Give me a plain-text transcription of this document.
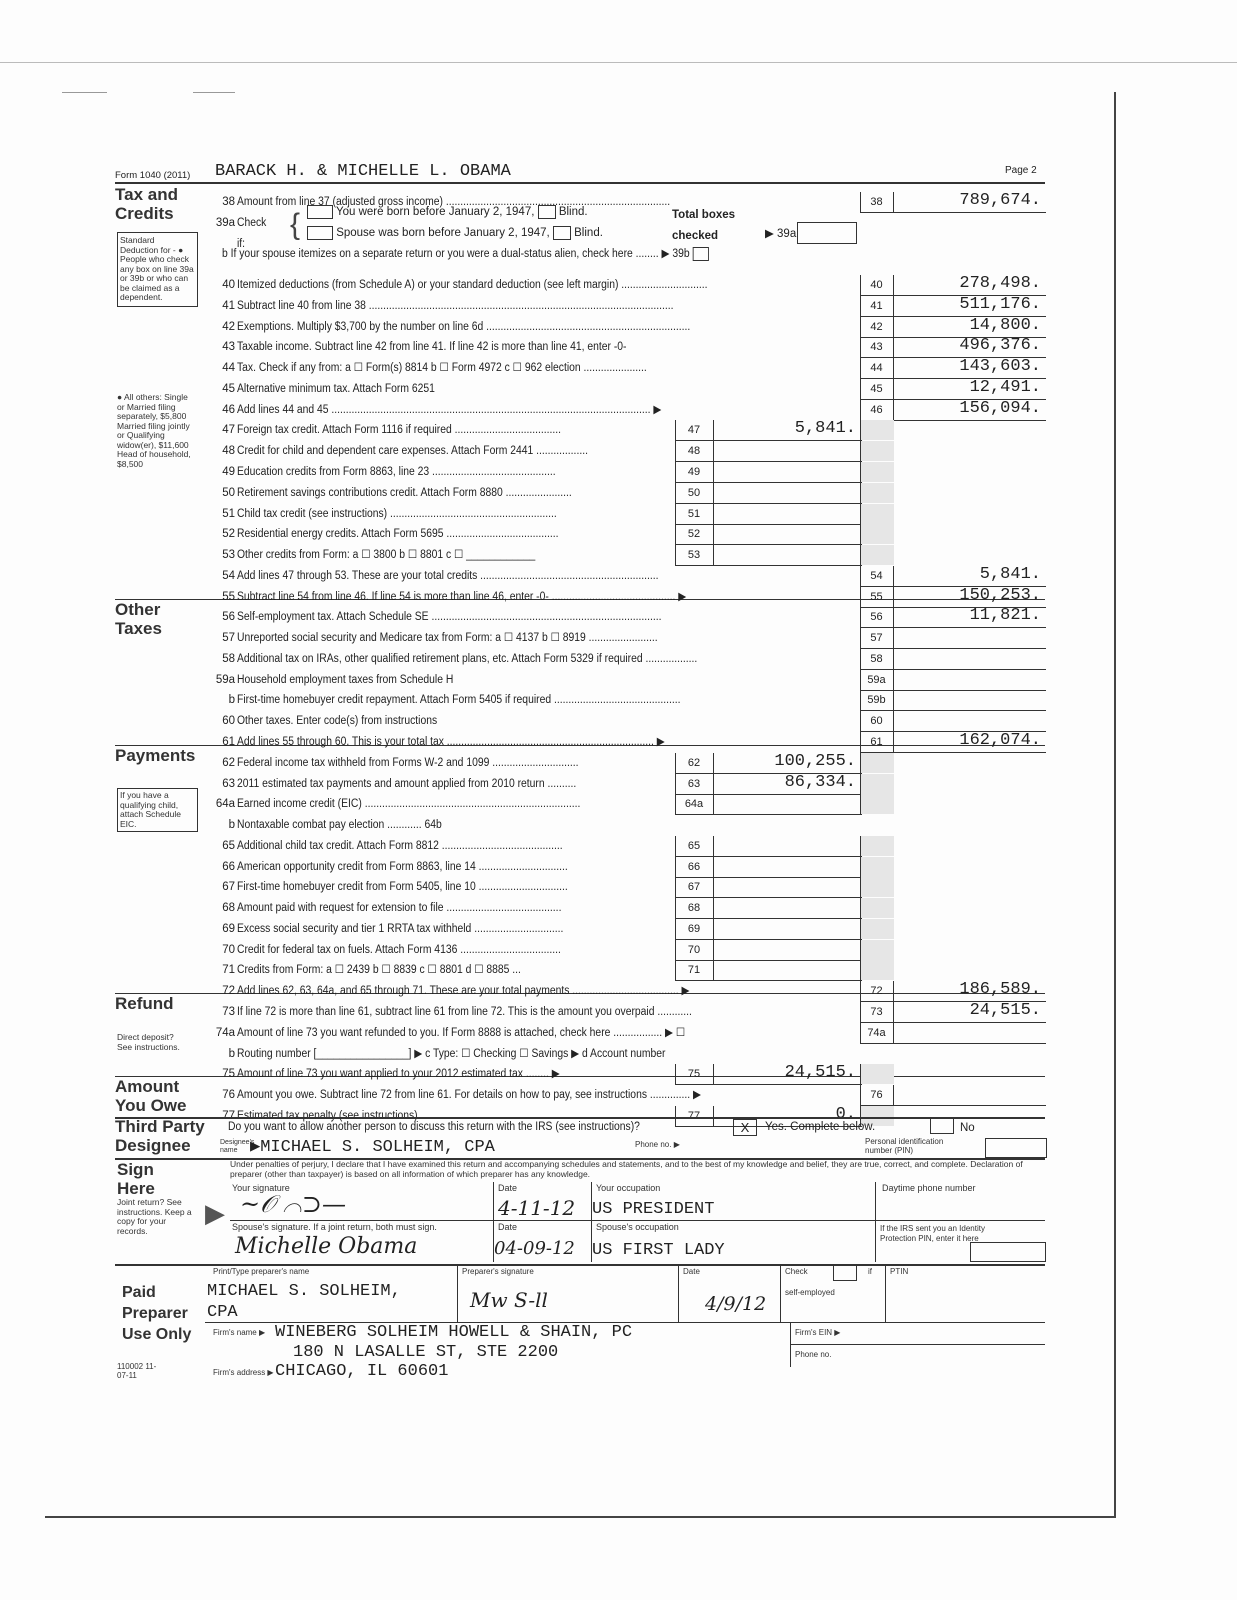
Form 1040 (2011) BARACK H. & MICHELLE L. OBAMA	Page 2
Tax and
Credits
Standard Deduction for - ● People who check any box on line 39a or 39b or who can be claimed as a dependent.
● All others: Single or Married filing separately, $5,800 Married filing jointly or Qualifying widow(er), $11,600 Head of household, $8,500
Other
Taxes
Payments
If you have a qualifying child, attach Schedule EIC.
Refund
Direct deposit? See instructions.
Amount
You Owe
{	You were born before January 2, 1947, Blind.
Spouse was born before January 2, 1947, Blind.
Total boxes checked	▶ 39a
b If your spouse itemizes on a separate return or you were a dual-status alien, check here ........ ▶ 39b
38 Amount from line 37 (adjusted gross income) ..............................................................................	38	789,674.
39a Check
if:
40 Itemized deductions (from Schedule A) or your standard deduction (see left margin) ..............................	40	278,498.
41 Subtract line 40 from line 38 ..........................................................................................................	41	511,176.
42 Exemptions. Multiply $3,700 by the number on line 6d .......................................................................	42	14,800.
43 Taxable income. Subtract line 42 from line 41. If line 42 is more than line 41, enter -0-	43	496,376.
44 Tax. Check if any from: a ☐ Form(s) 8814 b ☐ Form 4972 c ☐ 962 election ......................	44	143,603.
45 Alternative minimum tax. Attach Form 6251	45	12,491.
46 Add lines 44 and 45 ............................................................................................................... ▶	46	156,094.
47 Foreign tax credit. Attach Form 1116 if required .....................................	47	5,841.
48 Credit for child and dependent care expenses. Attach Form 2441 ..................	48
49 Education credits from Form 8863, line 23 ...........................................	49
50 Retirement savings contributions credit. Attach Form 8880 .......................	50
51 Child tax credit (see instructions) ..........................................................	51
52 Residential energy credits. Attach Form 5695 .......................................	52
53 Other credits from Form: a ☐ 3800 b ☐ 8801 c ☐ ____________	53
54 Add lines 47 through 53. These are your total credits ..............................................................	54	5,841.
55 Subtract line 54 from line 46. If line 54 is more than line 46, enter -0- ........................................... ▶	55	150,253.
56 Self-employment tax. Attach Schedule SE ................................................................................	56	11,821.
57 Unreported social security and Medicare tax from Form: a ☐ 4137 b ☐ 8919 ........................	57
58 Additional tax on IRAs, other qualified retirement plans, etc. Attach Form 5329 if required ..................	58
59a Household employment taxes from Schedule H	59a
b First-time homebuyer credit repayment. Attach Form 5405 if required ............................................	59b
60 Other taxes. Enter code(s) from instructions	60
61 Add lines 55 through 60. This is your total tax ........................................................................ ▶	61	162,074.
62 Federal income tax withheld from Forms W-2 and 1099 ..............................	62	100,255.
63 2011 estimated tax payments and amount applied from 2010 return ..........	63	86,334.
64a Earned income credit (EIC) ...........................................................................	64a
b Nontaxable combat pay election ............ 64b
65 Additional child tax credit. Attach Form 8812 ..........................................	65
66 American opportunity credit from Form 8863, line 14 ...............................	66
67 First-time homebuyer credit from Form 5405, line 10 ...............................	67
68 Amount paid with request for extension to file ........................................	68
69 Excess social security and tier 1 RRTA tax withheld ...............................	69
70 Credit for federal tax on fuels. Attach Form 4136 ...................................	70
71 Credits from Form: a ☐ 2439 b ☐ 8839 c ☐ 8801 d ☐ 8885 ...	71
72 Add lines 62, 63, 64a, and 65 through 71. These are your total payments ..................................... ▶	72	186,589.
73 If line 72 is more than line 61, subtract line 61 from line 72. This is the amount you overpaid ............	73	24,515.
74a Amount of line 73 you want refunded to you. If Form 8888 is attached, check here ................. ▶ ☐	74a
b Routing number [________________] ▶ c Type: ☐ Checking ☐ Savings ▶ d Account number
75 Amount of line 73 you want applied to your 2012 estimated tax ........ ▶	75	24,515.
76 Amount you owe. Subtract line 72 from line 61. For details on how to pay, see instructions .............. ▶	76
77 Estimated tax penalty (see instructions) .....................................................	77	0.
Third Party
Designee
Do you want to allow another person to discuss this return with the IRS (see instructions)?	X	Yes. Complete below.	No
Designee's name ▶MICHAEL S. SOLHEIM, CPA	Phone no. ▶	Personal identification number (PIN)
Sign
Here
Joint return? See instructions. Keep a copy for your records.
▶
Under penalties of perjury, I declare that I have examined this return and accompanying schedules and statements, and to the best of my knowledge and belief, they are true, correct, and complete. Declaration of preparer (other than taxpayer) is based on all information of which preparer has any knowledge.
Your signature
~𝒪 ⌒⊃—
Date
4-11-12
Your occupation
US PRESIDENT
Daytime phone number
Spouse's signature. If a joint return, both must sign.
Michelle Obama
Date
04-09-12
Spouse's occupation
US FIRST LADY
If the IRS sent you an Identity Protection PIN, enter it here
Paid
Preparer
Use Only
Print/Type preparer's name
MICHAEL S. SOLHEIM,
CPA
Preparer's signature
Mw S-ll
Date
4/9/12
Check	if
self-employed
PTIN
Firm's name ▶ WINEBERG SOLHEIM HOWELL & SHAIN, PC	Firm's EIN ▶
180 N LASALLE ST, STE 2200	Phone no.
Firm's address ▶ CHICAGO, IL 60601
110002 11-07-11
